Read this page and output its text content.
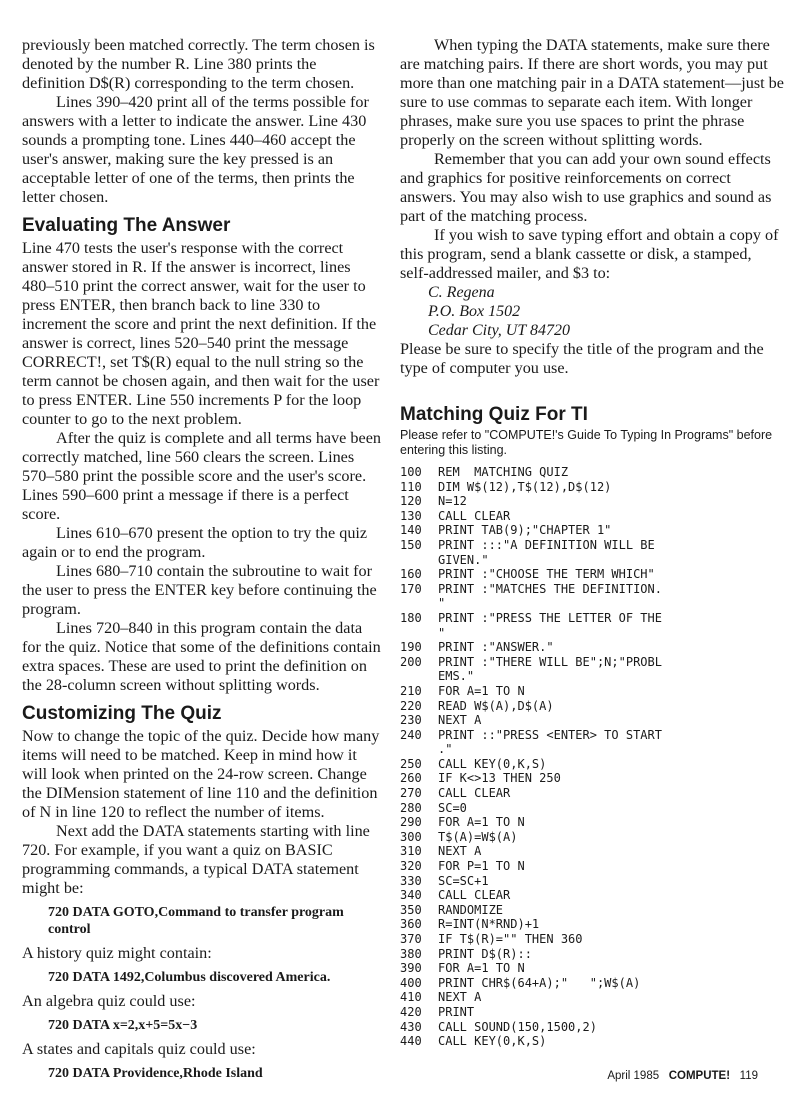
previously been matched correctly. The term chosen is denoted by the number R. Line 380 prints the definition D$(R) corresponding to the term chosen.

Lines 390–420 print all of the terms possible for answers with a letter to indicate the answer. Line 430 sounds a prompting tone. Lines 440–460 accept the user's answer, making sure the key pressed is an acceptable letter of one of the terms, then prints the letter chosen.

Evaluating The Answer

Line 470 tests the user's response with the correct answer stored in R. If the answer is incorrect, lines 480–510 print the correct answer, wait for the user to press ENTER, then branch back to line 330 to increment the score and print the next definition. If the answer is correct, lines 520–540 print the message CORRECT!, set T$(R) equal to the null string so the term cannot be chosen again, and then wait for the user to press ENTER. Line 550 increments P for the loop counter to go to the next problem.

After the quiz is complete and all terms have been correctly matched, line 560 clears the screen. Lines 570–580 print the possible score and the user's score. Lines 590–600 print a message if there is a perfect score.

Lines 610–670 present the option to try the quiz again or to end the program.

Lines 680–710 contain the subroutine to wait for the user to press the ENTER key before continuing the program.

Lines 720–840 in this program contain the data for the quiz. Notice that some of the definitions contain extra spaces. These are used to print the definition on the 28-column screen without splitting words.

Customizing The Quiz

Now to change the topic of the quiz. Decide how many items will need to be matched. Keep in mind how it will look when printed on the 24-row screen. Change the DIMension statement of line 110 and the definition of N in line 120 to reflect the number of items.

Next add the DATA statements starting with line 720. For example, if you want a quiz on BASIC programming commands, a typical DATA statement might be:

720 DATA GOTO,Command to transfer program control

A history quiz might contain:

720 DATA 1492,Columbus discovered America.

An algebra quiz could use:

720 DATA x=2,x+5=5x−3

A states and capitals quiz could use:

720 DATA Providence,Rhode Island

When typing the DATA statements, make sure there are matching pairs. If there are short words, you may put more than one matching pair in a DATA statement—just be sure to use commas to separate each item. With longer phrases, make sure you use spaces to print the phrase properly on the screen without splitting words.

Remember that you can add your own sound effects and graphics for positive reinforcements on correct answers. You may also wish to use graphics and sound as part of the matching process.

If you wish to save typing effort and obtain a copy of this program, send a blank cassette or disk, a stamped, self-addressed mailer, and $3 to:

C. Regena
P.O. Box 1502
Cedar City, UT 84720

Please be sure to specify the title of the program and the type of computer you use.

Matching Quiz For TI
Please refer to "COMPUTE!'s Guide To Typing In Programs" before entering this listing.
100	REM  MATCHING QUIZ
110	DIM W$(12),T$(12),D$(12)
120	N=12
130	CALL CLEAR
140	PRINT TAB(9);"CHAPTER 1"
150	PRINT :::"A DEFINITION WILL BE
GIVEN."
160	PRINT :"CHOOSE THE TERM WHICH"
170	PRINT :"MATCHES THE DEFINITION.
"
180	PRINT :"PRESS THE LETTER OF THE
"
190	PRINT :"ANSWER."
200	PRINT :"THERE WILL BE";N;"PROBL
EMS."
210	FOR A=1 TO N
220	READ W$(A),D$(A)
230	NEXT A
240	PRINT ::"PRESS <ENTER> TO START
."
250	CALL KEY(0,K,S)
260	IF K<>13 THEN 250
270	CALL CLEAR
280	SC=0
290	FOR A=1 TO N
300	T$(A)=W$(A)
310	NEXT A
320	FOR P=1 TO N
330	SC=SC+1
340	CALL CLEAR
350	RANDOMIZE
360	R=INT(N*RND)+1
370	IF T$(R)="" THEN 360
380	PRINT D$(R)::
390	FOR A=1 TO N
400	PRINT CHR$(64+A);"   ";W$(A)
410	NEXT A
420	PRINT
430	CALL SOUND(150,1500,2)
440	CALL KEY(0,K,S)
April 1985 COMPUTE! 119
